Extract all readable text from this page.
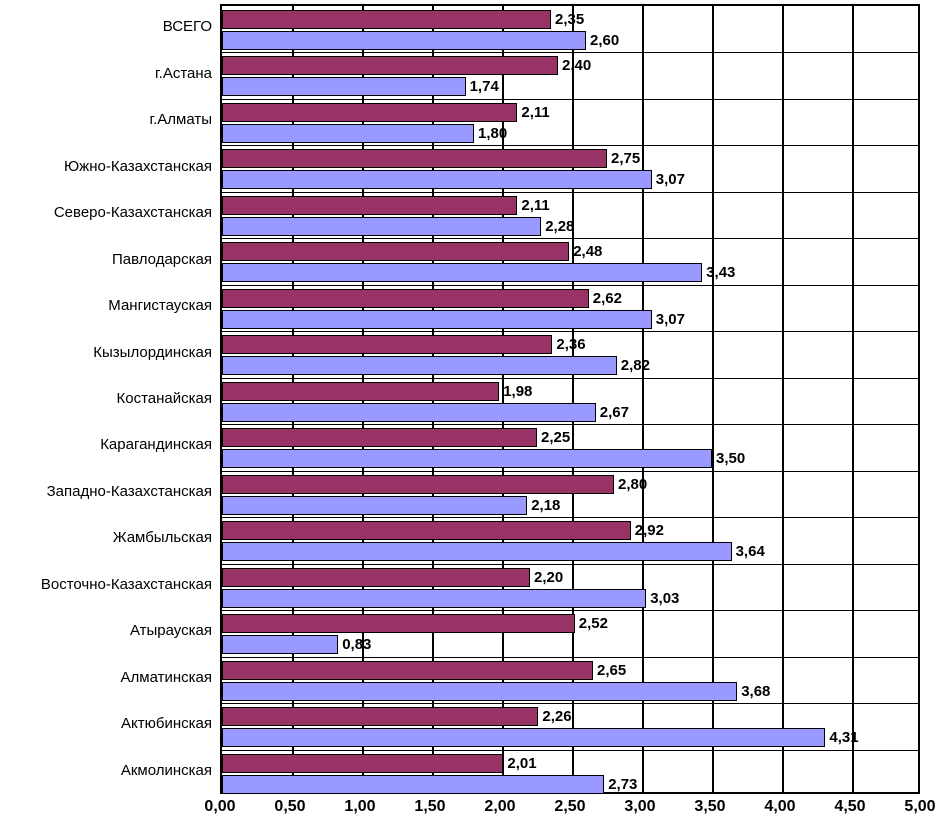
2,35
2,60
2,40
1,74
2,11
1,80
2,75
3,07
2,11
2,28
2,48
3,43
2,62
3,07
2,36
2,82
1,98
2,67
2,25
3,50
2,80
2,18
2,92
3,64
2,20
3,03
2,52
0,83
2,65
3,68
2,26
4,31
2,01
2,73
ВСЕГО
г.Астана
г.Алматы
Южно-Казахстанская
Северо-Казахстанская
Павлодарская
Мангистауская
Кызылординская
Костанайская
Карагандинская
Западно-Казахстанская
Жамбыльская
Восточно-Казахстанская
Атырауская
Алматинская
Актюбинская
Акмолинская
0,00 0,50 1,00 1,50 2,00 2,50 3,00 3,50 4,00 4,50 5,00
